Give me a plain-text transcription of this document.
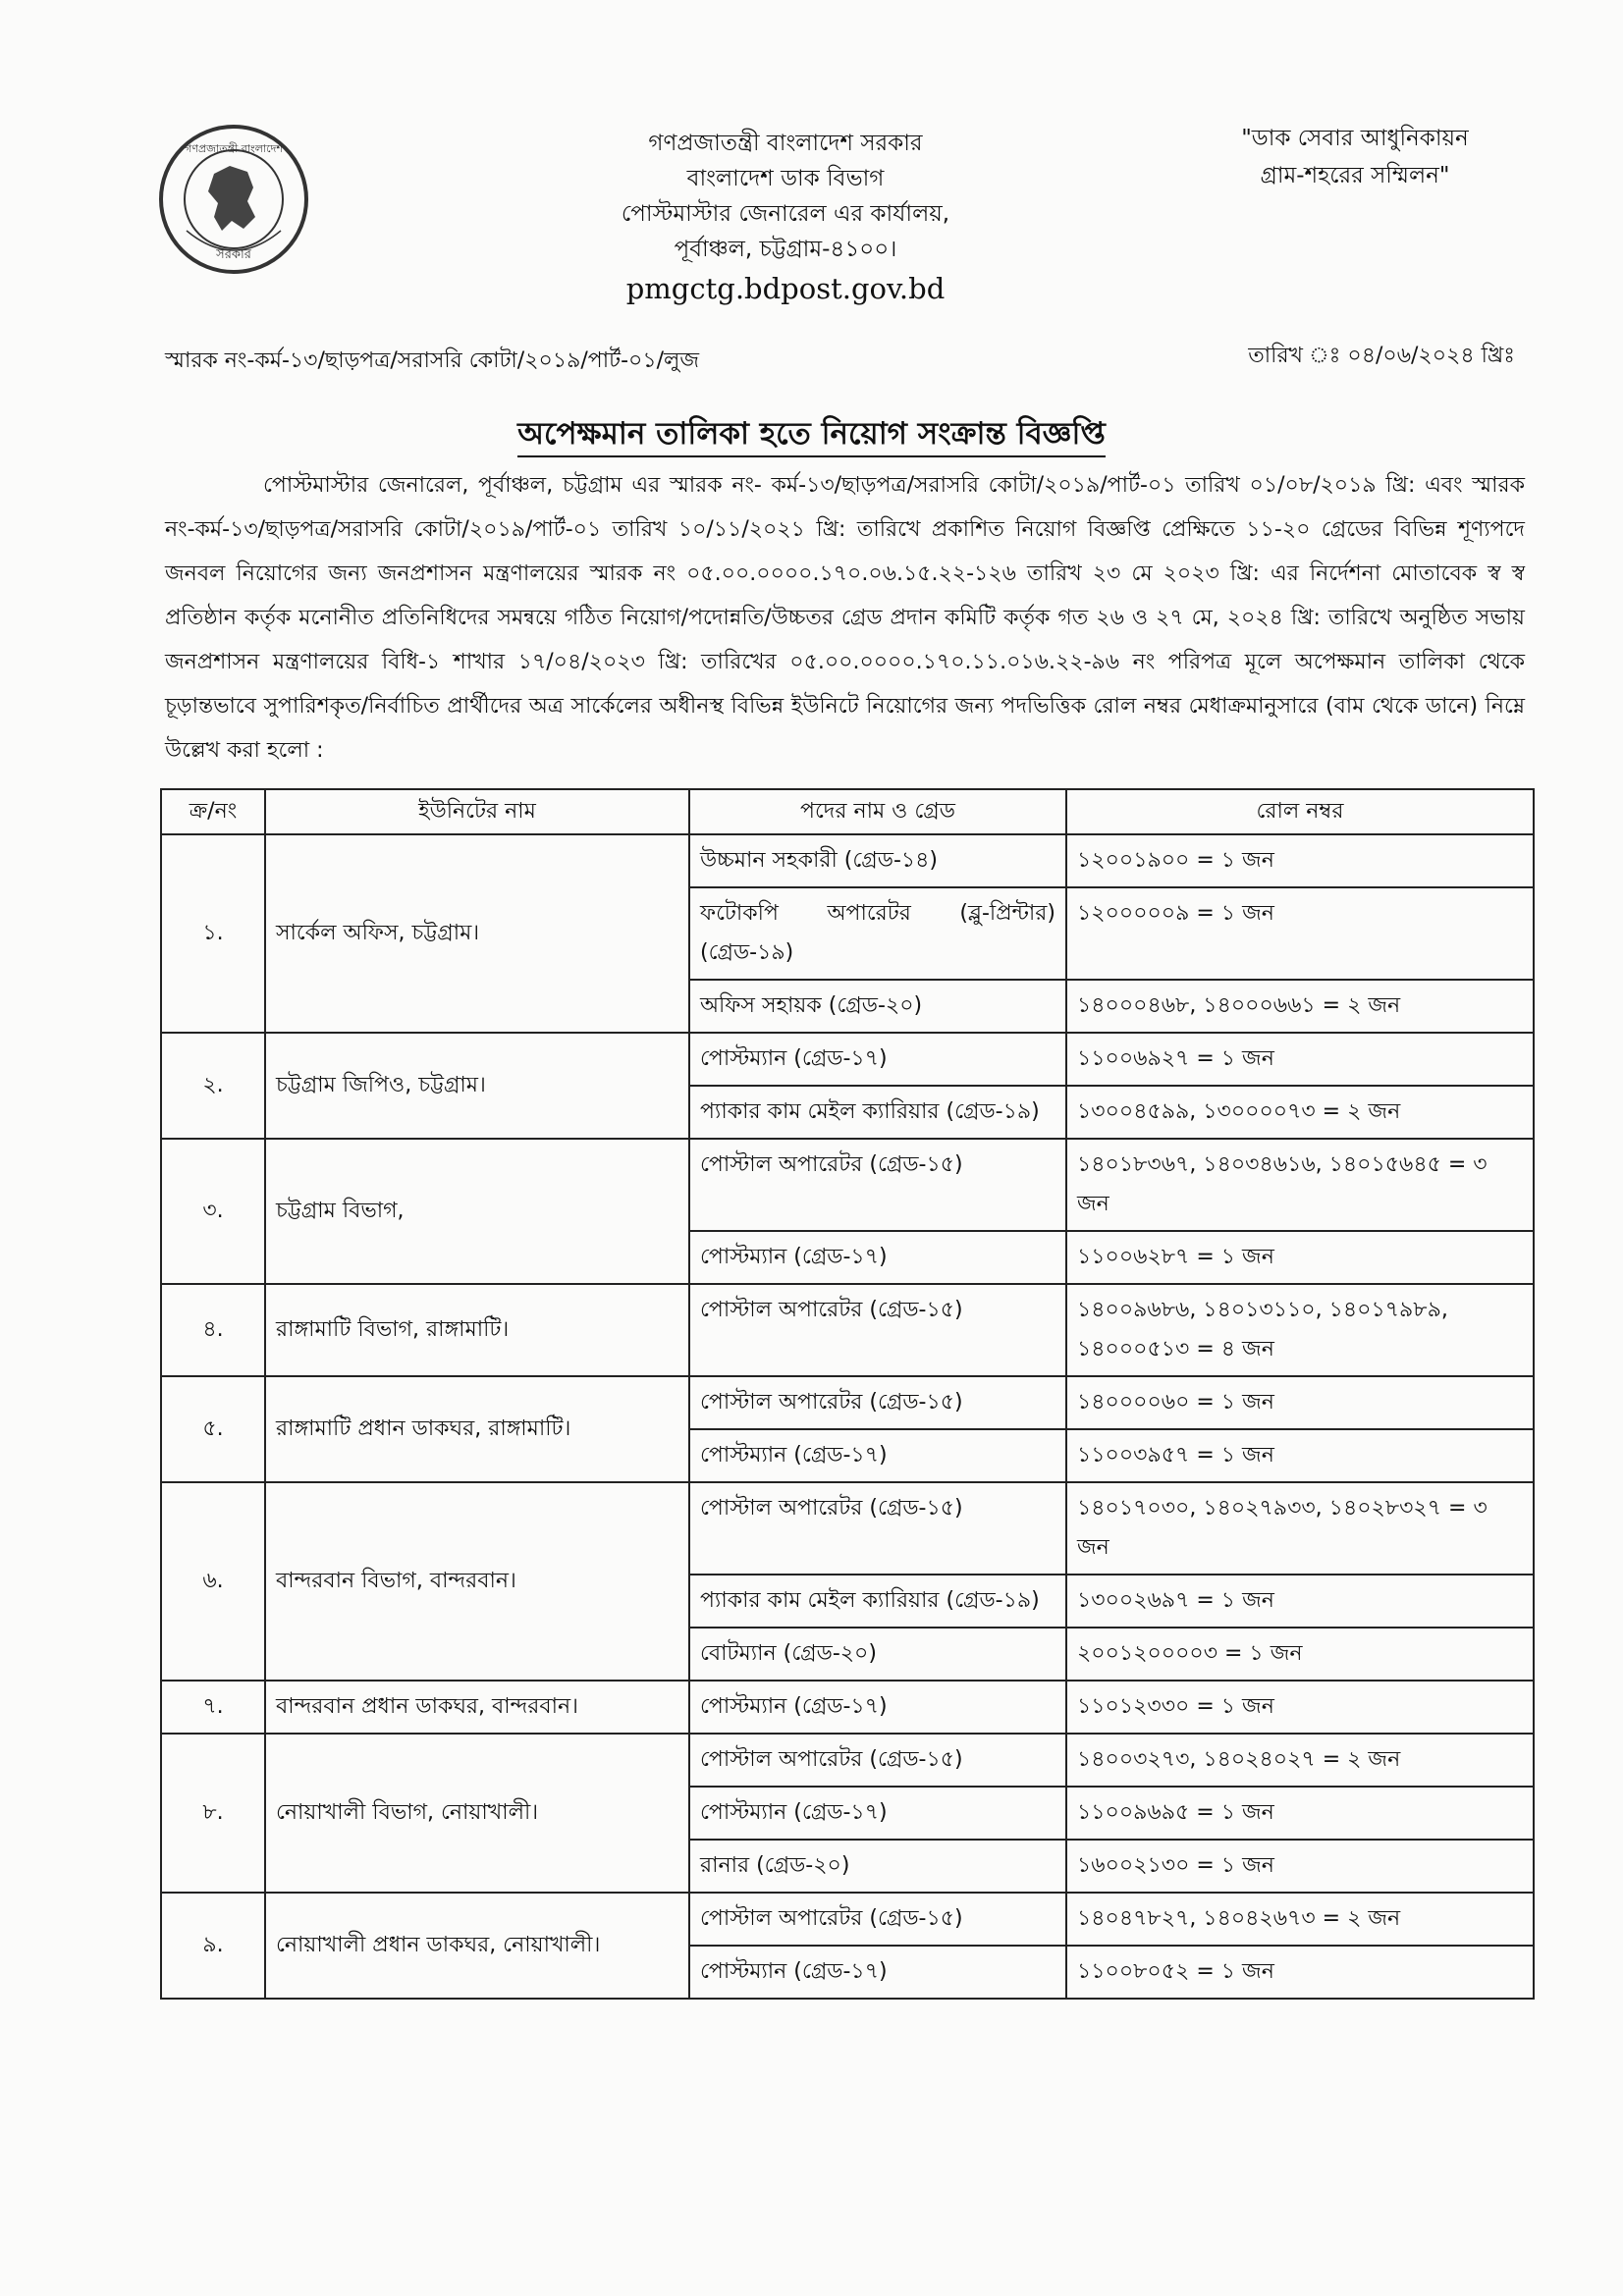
গণপ্রজাতন্ত্রী বাংলাদেশ
সরকার
গণপ্রজাতন্ত্রী বাংলাদেশ সরকার
বাংলাদেশ ডাক বিভাগ
পোস্টমাস্টার জেনারেল এর কার্যালয়,
পূর্বাঞ্চল, চট্টগ্রাম-৪১০০।
pmgctg.bdpost.gov.bd
"ডাক সেবার আধুনিকায়ন
গ্রাম-শহরের সম্মিলন"
স্মারক নং-কর্ম-১৩/ছাড়পত্র/সরাসরি কোটা/২০১৯/পার্ট-০১/লুজ	তারিখ ঃ ০৪/০৬/২০২৪ খ্রিঃ
অপেক্ষমান তালিকা হতে নিয়োগ সংক্রান্ত বিজ্ঞপ্তি
পোস্টমাস্টার জেনারেল, পূর্বাঞ্চল, চট্টগ্রাম এর স্মারক নং- কর্ম-১৩/ছাড়পত্র/সরাসরি কোটা/২০১৯/পার্ট-০১ তারিখ ০১/০৮/২০১৯ খ্রি: এবং স্মারক নং-কর্ম-১৩/ছাড়পত্র/সরাসরি কোটা/২০১৯/পার্ট-০১ তারিখ ১০/১১/২০২১ খ্রি: তারিখে প্রকাশিত নিয়োগ বিজ্ঞপ্তি প্রেক্ষিতে ১১-২০ গ্রেডের বিভিন্ন শূণ্যপদে জনবল নিয়োগের জন্য জনপ্রশাসন মন্ত্রণালয়ের স্মারক নং ০৫.০০.০০০০.১৭০.০৬.১৫.২২-১২৬ তারিখ ২৩ মে ২০২৩ খ্রি: এর নির্দেশনা মোতাবেক স্ব স্ব প্রতিষ্ঠান কর্তৃক মনোনীত প্রতিনিধিদের সমন্বয়ে গঠিত নিয়োগ/পদোন্নতি/উচ্চতর গ্রেড প্রদান কমিটি কর্তৃক গত ২৬ ও ২৭ মে, ২০২৪ খ্রি: তারিখে অনুষ্ঠিত সভায় জনপ্রশাসন মন্ত্রণালয়ের বিধি-১ শাখার ১৭/০৪/২০২৩ খ্রি: তারিখের ০৫.০০.০০০০.১৭০.১১.০১৬.২২-৯৬ নং পরিপত্র মূলে অপেক্ষমান তালিকা থেকে চূড়ান্তভাবে সুপারিশকৃত/নির্বাচিত প্রার্থীদের অত্র সার্কেলের অধীনস্থ বিভিন্ন ইউনিটে নিয়োগের জন্য পদভিত্তিক রোল নম্বর মেধাক্রমানুসারে (বাম থেকে ডানে) নিম্নে উল্লেখ করা হলো :
ক্র/নং	ইউনিটের নাম	পদের নাম ও গ্রেড	রোল নম্বর
১.	সার্কেল অফিস, চট্টগ্রাম।	উচ্চমান সহকারী (গ্রেড-১৪)	১২০০১৯০০ = ১ জন
		ফটোকপি অপারেটর (ব্লু-প্রিন্টার) (গ্রেড-১৯)	১২০০০০০৯ = ১ জন
		অফিস সহায়ক (গ্রেড-২০)	১৪০০০৪৬৮, ১৪০০০৬৬১ = ২ জন
২.	চট্টগ্রাম জিপিও, চট্টগ্রাম।	পোস্টম্যান (গ্রেড-১৭)	১১০০৬৯২৭ = ১ জন
		প্যাকার কাম মেইল ক্যারিয়ার (গ্রেড-১৯)	১৩০০৪৫৯৯, ১৩০০০০৭৩ = ২ জন
৩.	চট্টগ্রাম বিভাগ,	পোস্টাল অপারেটর (গ্রেড-১৫)	১৪০১৮৩৬৭, ১৪০৩৪৬১৬, ১৪০১৫৬৪৫ = ৩ জন
		পোস্টম্যান (গ্রেড-১৭)	১১০০৬২৮৭ = ১ জন
৪.	রাঙ্গামাটি বিভাগ, রাঙ্গামাটি।	পোস্টাল অপারেটর (গ্রেড-১৫)	১৪০০৯৬৮৬, ১৪০১৩১১০, ১৪০১৭৯৮৯, ১৪০০০৫১৩ = ৪ জন
৫.	রাঙ্গামাটি প্রধান ডাকঘর, রাঙ্গামাটি।	পোস্টাল অপারেটর (গ্রেড-১৫)	১৪০০০০৬০ = ১ জন
		পোস্টম্যান (গ্রেড-১৭)	১১০০৩৯৫৭ = ১ জন
৬.	বান্দরবান বিভাগ, বান্দরবান।	পোস্টাল অপারেটর (গ্রেড-১৫)	১৪০১৭০৩০, ১৪০২৭৯৩৩, ১৪০২৮৩২৭ = ৩ জন
		প্যাকার কাম মেইল ক্যারিয়ার (গ্রেড-১৯)	১৩০০২৬৯৭ = ১ জন
		বোটম্যান (গ্রেড-২০)	২০০১২০০০০৩ = ১ জন
৭.	বান্দরবান প্রধান ডাকঘর, বান্দরবান।	পোস্টম্যান (গ্রেড-১৭)	১১০১২৩৩০ = ১ জন
৮.	নোয়াখালী বিভাগ, নোয়াখালী।	পোস্টাল অপারেটর (গ্রেড-১৫)	১৪০০৩২৭৩, ১৪০২৪০২৭ = ২ জন
		পোস্টম্যান (গ্রেড-১৭)	১১০০৯৬৯৫ = ১ জন
		রানার (গ্রেড-২০)	১৬০০২১৩০ = ১ জন
৯.	নোয়াখালী প্রধান ডাকঘর, নোয়াখালী।	পোস্টাল অপারেটর (গ্রেড-১৫)	১৪০৪৭৮২৭, ১৪০৪২৬৭৩ = ২ জন
		পোস্টম্যান (গ্রেড-১৭)	১১০০৮০৫২ = ১ জন
